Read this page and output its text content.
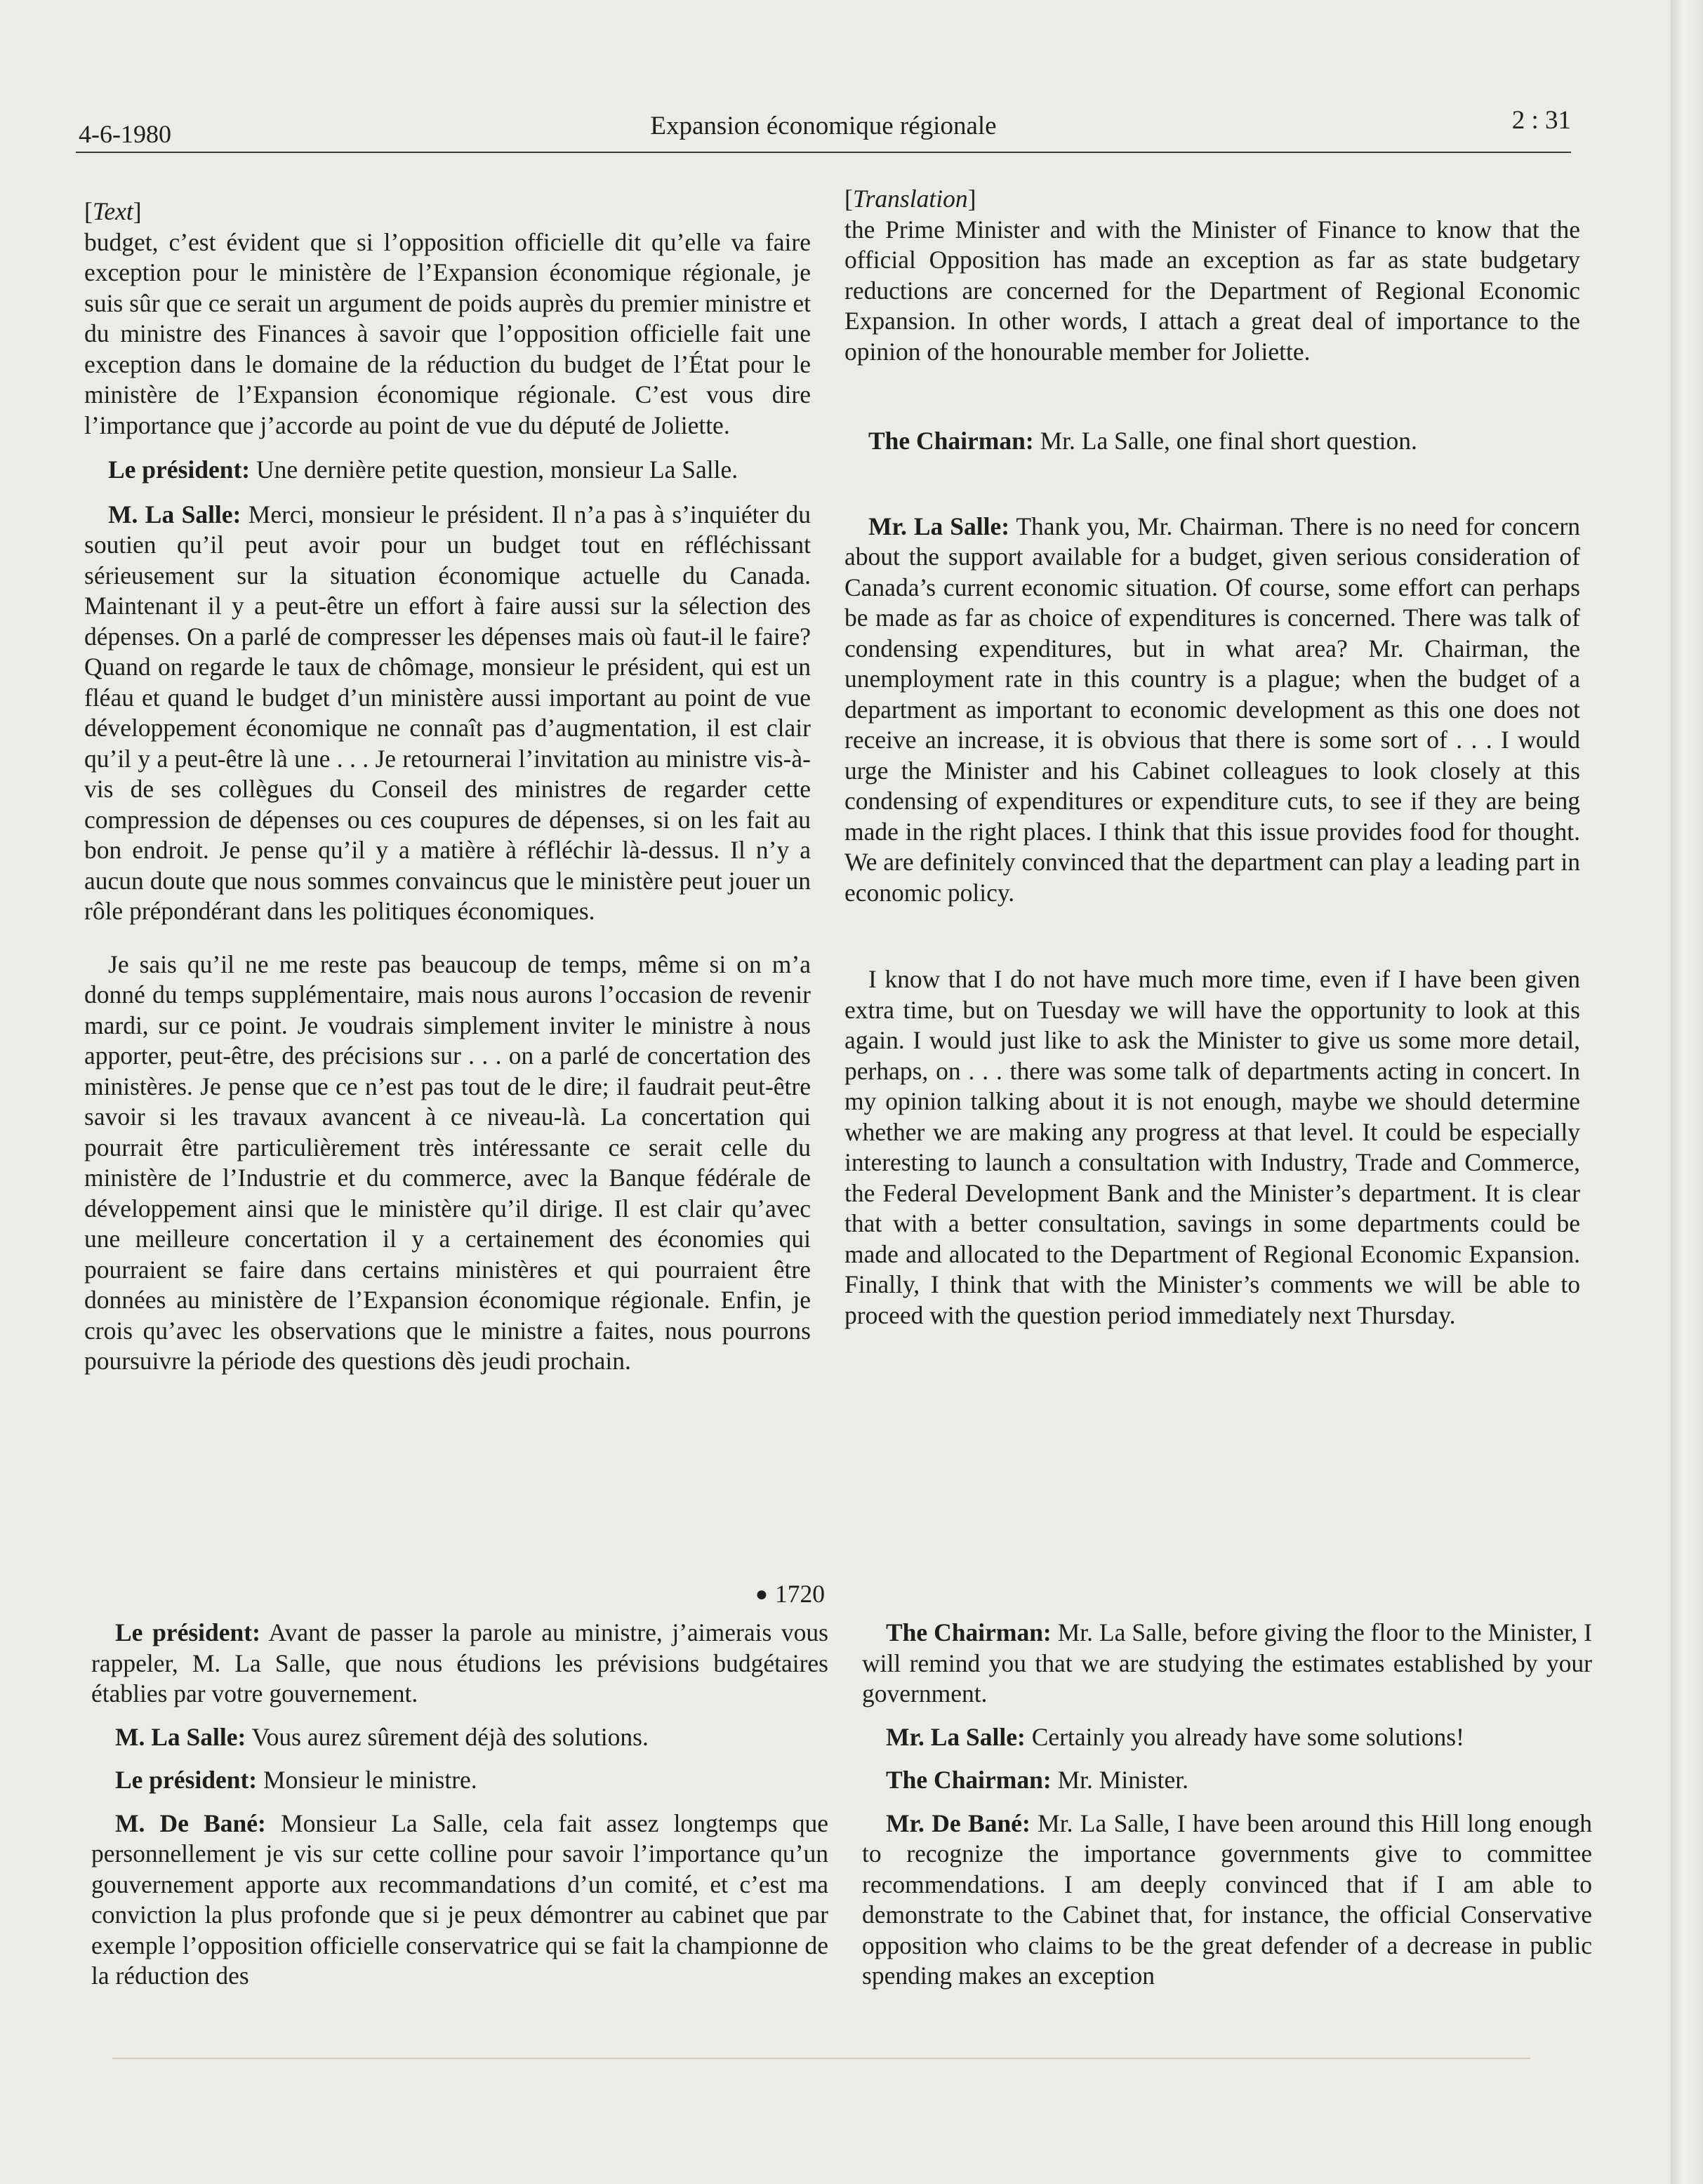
4-6-1980	Expansion économique régionale	2 : 31
[Text]

budget, c’est évident que si l’opposition officielle dit qu’elle va faire exception pour le ministère de l’Expansion économique régionale, je suis sûr que ce serait un argument de poids auprès du premier ministre et du ministre des Finances à savoir que l’opposition officielle fait une exception dans le domaine de la réduction du budget de l’État pour le ministère de l’Expansion économique régionale. C’est vous dire l’importance que j’accorde au point de vue du député de Joliette.

Le président: Une dernière petite question, monsieur La Salle.

M. La Salle: Merci, monsieur le président. Il n’a pas à s’inquiéter du soutien qu’il peut avoir pour un budget tout en réfléchissant sérieusement sur la situation économique actuelle du Canada. Maintenant il y a peut-être un effort à faire aussi sur la sélection des dépenses. On a parlé de compresser les dépenses mais où faut-il le faire? Quand on regarde le taux de chômage, monsieur le président, qui est un fléau et quand le budget d’un ministère aussi important au point de vue développement économique ne connaît pas d’augmentation, il est clair qu’il y a peut-être là une . . . Je retournerai l’invitation au ministre vis-à-vis de ses collègues du Conseil des ministres de regarder cette compression de dépenses ou ces coupures de dépenses, si on les fait au bon endroit. Je pense qu’il y a matière à réfléchir là-dessus. Il n’y a aucun doute que nous sommes convaincus que le ministère peut jouer un rôle prépondérant dans les politiques économiques.

Je sais qu’il ne me reste pas beaucoup de temps, même si on m’a donné du temps supplémentaire, mais nous aurons l’occasion de revenir mardi, sur ce point. Je voudrais simplement inviter le ministre à nous apporter, peut-être, des précisions sur . . . on a parlé de concertation des ministères. Je pense que ce n’est pas tout de le dire; il faudrait peut-être savoir si les travaux avancent à ce niveau-là. La concertation qui pourrait être particulièrement très intéressante ce serait celle du ministère de l’Industrie et du commerce, avec la Banque fédérale de développement ainsi que le ministère qu’il dirige. Il est clair qu’avec une meilleure concertation il y a certainement des économies qui pourraient se faire dans certains ministères et qui pourraient être données au ministère de l’Expansion économique régionale. Enfin, je crois qu’avec les observations que le ministre a faites, nous pourrons poursuivre la période des questions dès jeudi prochain.

[Translation]

the Prime Minister and with the Minister of Finance to know that the official Opposition has made an exception as far as state budgetary reductions are concerned for the Department of Regional Economic Expansion. In other words, I attach a great deal of importance to the opinion of the honourable member for Joliette.

The Chairman: Mr. La Salle, one final short question.

Mr. La Salle: Thank you, Mr. Chairman. There is no need for concern about the support available for a budget, given serious consideration of Canada’s current economic situation. Of course, some effort can perhaps be made as far as choice of expenditures is concerned. There was talk of condensing expenditures, but in what area? Mr. Chairman, the unemployment rate in this country is a plague; when the budget of a department as important to economic development as this one does not receive an increase, it is obvious that there is some sort of . . . I would urge the Minister and his Cabinet colleagues to look closely at this condensing of expenditures or expenditure cuts, to see if they are being made in the right places. I think that this issue provides food for thought. We are definitely convinced that the department can play a leading part in economic policy.

I know that I do not have much more time, even if I have been given extra time, but on Tuesday we will have the opportunity to look at this again. I would just like to ask the Minister to give us some more detail, perhaps, on . . . there was some talk of departments acting in concert. In my opinion talking about it is not enough, maybe we should determine whether we are making any progress at that level. It could be especially interesting to launch a consultation with Industry, Trade and Commerce, the Federal Development Bank and the Minister’s department. It is clear that with a better consultation, savings in some departments could be made and allocated to the Department of Regional Economic Expansion. Finally, I think that with the Minister’s comments we will be able to proceed with the question period immediately next Thursday.

● 1720

Le président: Avant de passer la parole au ministre, j’aimerais vous rappeler, M. La Salle, que nous étudions les prévisions budgétaires établies par votre gouvernement.

M. La Salle: Vous aurez sûrement déjà des solutions.

Le président: Monsieur le ministre.

M. De Bané: Monsieur La Salle, cela fait assez longtemps que personnellement je vis sur cette colline pour savoir l’importance qu’un gouvernement apporte aux recommandations d’un comité, et c’est ma conviction la plus profonde que si je peux démontrer au cabinet que par exemple l’opposition officielle conservatrice qui se fait la championne de la réduction des

The Chairman: Mr. La Salle, before giving the floor to the Minister, I will remind you that we are studying the estimates established by your government.

Mr. La Salle: Certainly you already have some solutions!

The Chairman: Mr. Minister.

Mr. De Bané: Mr. La Salle, I have been around this Hill long enough to recognize the importance governments give to committee recommendations. I am deeply convinced that if I am able to demonstrate to the Cabinet that, for instance, the official Conservative opposition who claims to be the great defender of a decrease in public spending makes an exception
